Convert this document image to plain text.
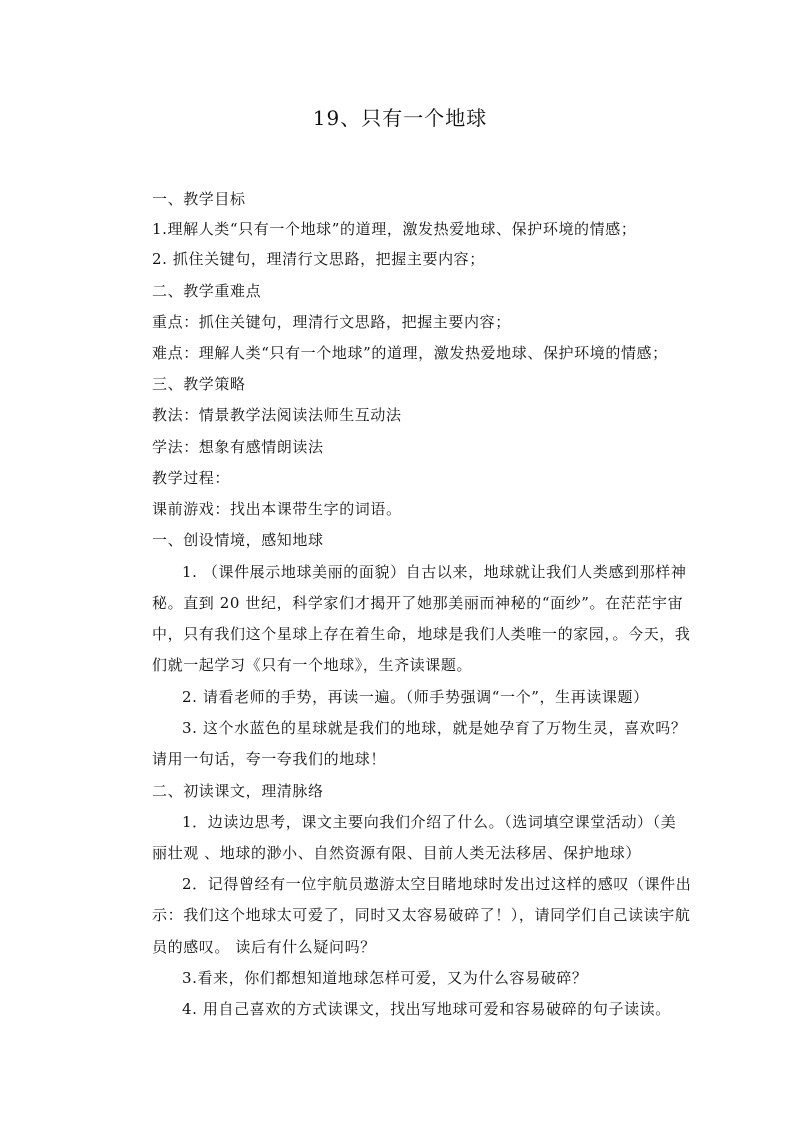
19、只有一个地球
一、教学目标
1.理解人类“只有一个地球”的道理，激发热爱地球、保护环境的情感；
2. 抓住关键句，理清行文思路，把握主要内容；
二、教学重难点
重点：抓住关键句，理清行文思路，把握主要内容；
难点：理解人类“只有一个地球”的道理，激发热爱地球、保护环境的情感；
三、教学策略
教法：情景教学法阅读法师生互动法
学法：想象有感情朗读法
教学过程：
课前游戏：找出本课带生字的词语。
一、创设情境，感知地球
1. （课件展示地球美丽的面貌）自古以来，地球就让我们人类感到那样神
秘。直到 20 世纪，科学家们才揭开了她那美丽而神秘的“面纱”。在茫茫宇宙
中，只有我们这个星球上存在着生命，地球是我们人类唯一的家园，。今天，我
们就一起学习《只有一个地球》，生齐读课题。
2. 请看老师的手势，再读一遍。（师手势强调“一个”，生再读课题）
3. 这个水蓝色的星球就是我们的地球，就是她孕育了万物生灵，喜欢吗？
请用一句话，夸一夸我们的地球！
二、初读课文，理清脉络
1．边读边思考，课文主要向我们介绍了什么。（选词填空课堂活动）（美
丽壮观 、地球的渺小、自然资源有限、目前人类无法移居、保护地球）
2．记得曾经有一位宇航员遨游太空目睹地球时发出过这样的感叹（课件出
示：我们这个地球太可爱了，同时又太容易破碎了！），请同学们自己读读宇航
员的感叹。 读后有什么疑问吗？
3.看来，你们都想知道地球怎样可爱，又为什么容易破碎？
4. 用自己喜欢的方式读课文，找出写地球可爱和容易破碎的句子读读。
